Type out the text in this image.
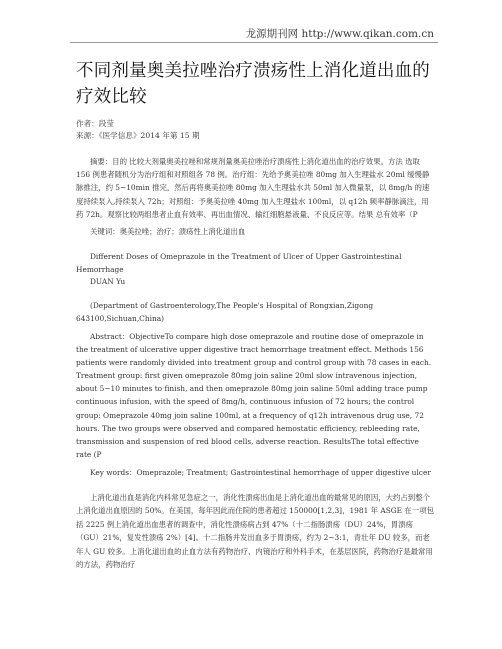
龙源期刊网 http://www.qikan.com.cn
不同剂量奥美拉唑治疗溃疡性上消化道出血的疗效比较
作者：段莹
来源：《医学信息》2014 年第 15 期

摘要：目的 比较大剂量奥美拉唑和常规剂量奥美拉唑治疗溃疡性上消化道出血的治疗效果。方法 选取 156 例患者随机分为治疗组和对照组各 78 例。治疗组：先给予奥美拉唑 80mg 加入生理盐水 20ml 缓慢静脉推注，约 5~10min 推完，然后再将奥美拉唑 80mg 加入生理盐水共 50ml 加入微量泵，以 8mg/h 的速度持续泵入,持续泵入 72h；对照组：予奥美拉唑 40mg 加入生理盐水 100ml，以 q12h 频率静脉滴注，用药 72h。观察比较两组患者止血有效率、再出血情况、输红细胞悬液量、不良反应等。结果 总有效率（P

关键词：奥美拉唑；治疗；溃疡性上消化道出血

Different Doses of Omeprazole in the Treatment of Ulcer of Upper Gastrointestinal Hemorrhage

DUAN Yu

(Department of Gastroenterology,The People's Hospital of Rongxian,Zigong
643100,Sichuan,China)

Abstract：ObjectiveTo compare high dose omeprazole and routine dose of omeprazole in the treatment of ulcerative upper digestive tract hemorrhage treatment effect. Methods 156 patients were randomly divided into treatment group and control group with 78 cases in each. Treatment group: first given omeprazole 80mg join saline 20ml slow intravenous injection, about 5~10 minutes to finish, and then omeprazole 80mg join saline 50ml adding trace pump continuous infusion, with the speed of 8mg/h, continuous infusion of 72 hours; the control group: Omeprazole 40mg join saline 100ml, at a frequency of q12h intravenous drug use, 72 hours. The two groups were observed and compared hemostatic efficiency, rebleeding rate, transmission and suspension of red blood cells, adverse reaction. ResultsThe total effective rate (P

Key words：Omeprazole; Treatment; Gastrointestinal hemorrhage of upper digestive ulcer

上消化道出血是消化内科常见急症之一，消化性溃疡出血是上消化道出血的最常见的原因，大约占到整个上消化道出血原因的 50%。在美国，每年因此而住院的患者超过 150000[1,2,3]，1981 年 ASGE 在一项包括 2225 例上消化道出血患者的调查中，消化性溃疡病占到 47%（十二指肠溃疡（DU）24%，胃溃疡（GU）21%，复发性溃疡 2%）[4]。十二指肠并发出血多于胃溃疡，约为 2~3:1，青壮年 DU 较多，而老年人 GU 较多。上消化道出血的止血方法有药物治疗、内镜治疗和外科手术，在基层医院，药物治疗是最常用的方法，药物治疗
